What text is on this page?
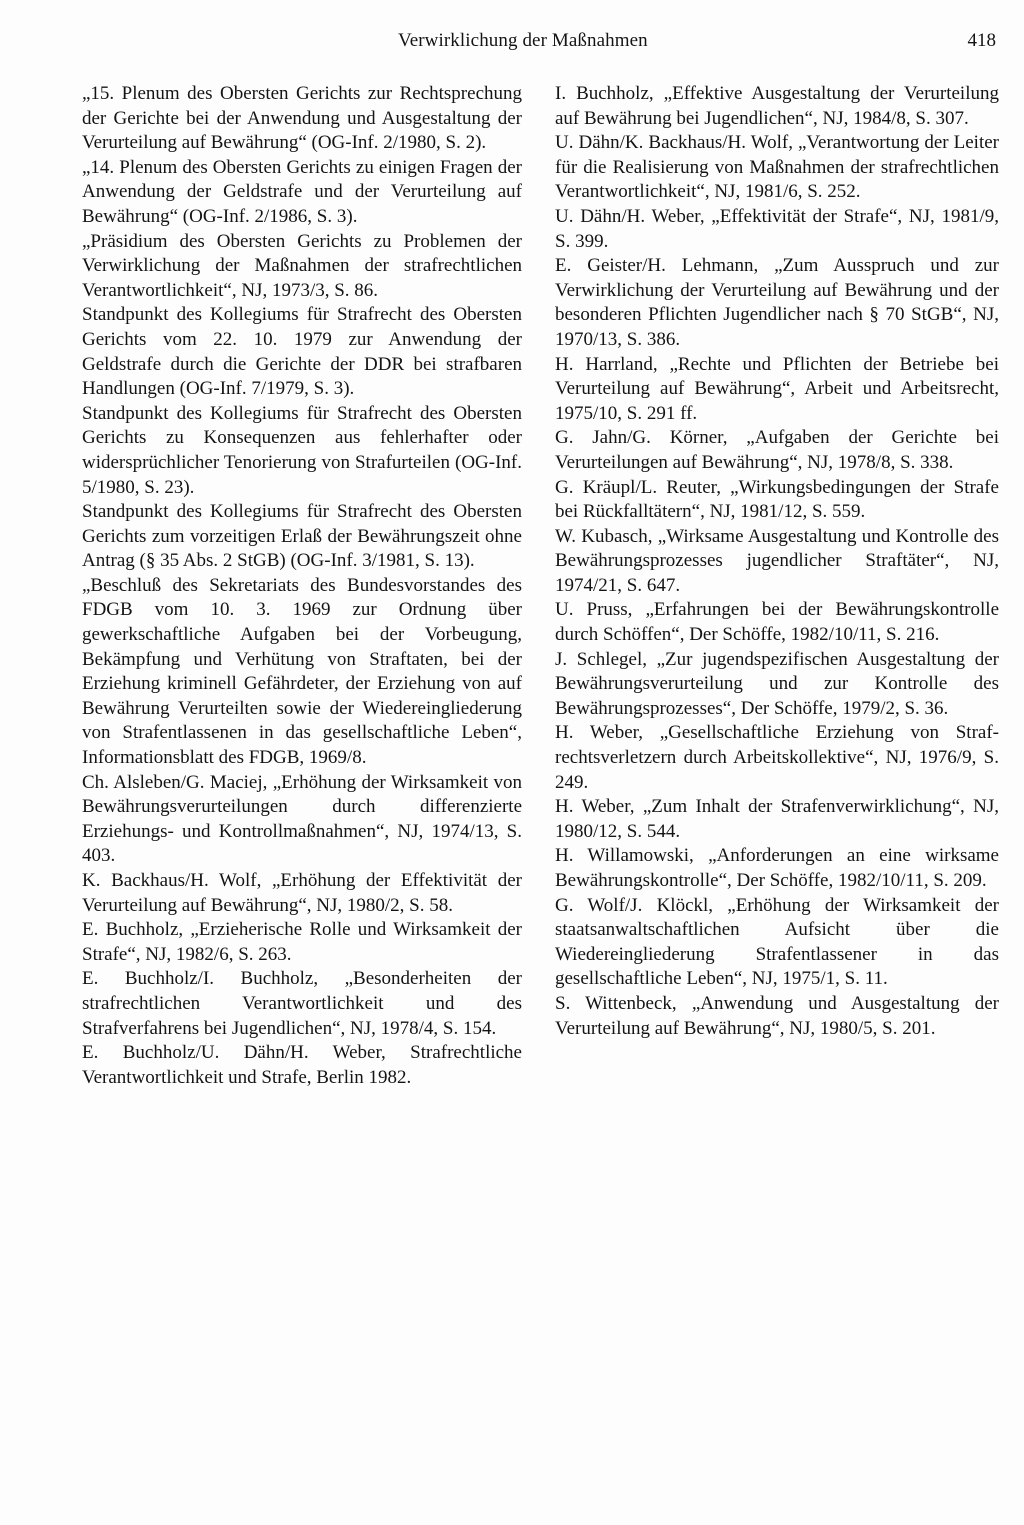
Verwirklichung der Maßnahmen	418

„15. Plenum des Obersten Gerichts zur Rechtsprechung der Gerichte bei der Anwendung und Ausgestaltung der Verurteilung auf Bewährung“ (OG-Inf. 2/1980, S. 2).

„14. Plenum des Obersten Gerichts zu einigen Fragen der Anwendung der Geldstrafe und der Verurteilung auf Bewährung“ (OG-Inf. 2/1986, S. 3).

„Präsidium des Obersten Gerichts zu Problemen der Verwirklichung der Maßnahmen der strafrechtlichen Verantwortlichkeit“, NJ, 1973/3, S. 86.

Standpunkt des Kollegiums für Strafrecht des Obersten Gerichts vom 22. 10. 1979 zur Anwendung der Geldstrafe durch die Gerichte der DDR bei strafbaren Handlungen (OG-Inf. 7/1979, S. 3).

Standpunkt des Kollegiums für Strafrecht des Obersten Gerichts zu Konsequenzen aus fehlerhafter oder widersprüchlicher Tenorierung von Strafurteilen (OG-Inf. 5/1980, S. 23).

Standpunkt des Kollegiums für Strafrecht des Obersten Gerichts zum vorzeitigen Erlaß der Bewährungszeit ohne Antrag (§ 35 Abs. 2 StGB) (OG-Inf. 3/1981, S. 13).

„Beschluß des Sekretariats des Bundesvorstandes des FDGB vom 10. 3. 1969 zur Ordnung über gewerkschaftliche Aufgaben bei der Vorbeugung, Bekämpfung und Verhütung von Straftaten, bei der Erziehung kriminell Gefährdeter, der Erziehung von auf Bewährung Verurteilten sowie der Wiedereingliederung von Strafentlassenen in das gesellschaftliche Leben“, Informationsblatt des FDGB, 1969/8.

Ch. Alsleben/G. Maciej, „Erhöhung der Wirksamkeit von Bewährungsverurteilungen durch differenzierte Erziehungs- und Kontrollmaßnahmen“, NJ, 1974/13, S. 403.

K. Backhaus/H. Wolf, „Erhöhung der Effektivität der Verurteilung auf Bewährung“, NJ, 1980/2, S. 58.

E. Buchholz, „Erzieherische Rolle und Wirksamkeit der Strafe“, NJ, 1982/6, S. 263.

E. Buchholz/I. Buchholz, „Besonderheiten der strafrechtlichen Verantwortlichkeit und des Strafverfahrens bei Jugendlichen“, NJ, 1978/4, S. 154.

E. Buchholz/U. Dähn/H. Weber, Strafrechtliche Verantwortlichkeit und Strafe, Berlin 1982.

I. Buchholz, „Effektive Ausgestaltung der Verurteilung auf Bewährung bei Jugendlichen“, NJ, 1984/8, S. 307.

U. Dähn/K. Backhaus/H. Wolf, „Verantwortung der Leiter für die Realisierung von Maßnahmen der strafrechtlichen Verantwortlichkeit“, NJ, 1981/6, S. 252.

U. Dähn/H. Weber, „Effektivität der Strafe“, NJ, 1981/9, S. 399.

E. Geister/H. Lehmann, „Zum Ausspruch und zur Verwirklichung der Verurteilung auf Bewährung und der besonderen Pflichten Jugendlicher nach § 70 StGB“, NJ, 1970/13, S. 386.

H. Harrland, „Rechte und Pflichten der Betriebe bei Verurteilung auf Bewährung“, Arbeit und Arbeitsrecht, 1975/10, S. 291 ff.

G. Jahn/G. Körner, „Aufgaben der Gerichte bei Verurteilungen auf Bewährung“, NJ, 1978/8, S. 338.

G. Kräupl/L. Reuter, „Wirkungsbedingungen der Strafe bei Rückfalltätern“, NJ, 1981/12, S. 559.

W. Kubasch, „Wirksame Ausgestaltung und Kontrolle des Bewährungsprozesses jugendlicher Straftäter“, NJ, 1974/21, S. 647.

U. Pruss, „Erfahrungen bei der Bewährungskontrolle durch Schöffen“, Der Schöffe, 1982/10/11, S. 216.

J. Schlegel, „Zur jugendspezifischen Ausgestaltung der Bewährungsverurteilung und zur Kontrolle des Bewährungsprozesses“, Der Schöffe, 1979/2, S. 36.

H. Weber, „Gesellschaftliche Erziehung von Straf-rechtsverletzern durch Arbeitskollektive“, NJ, 1976/9, S. 249.

H. Weber, „Zum Inhalt der Strafenverwirklichung“, NJ, 1980/12, S. 544.

H. Willamowski, „Anforderungen an eine wirksame Bewährungskontrolle“, Der Schöffe, 1982/10/11, S. 209.

G. Wolf/J. Klöckl, „Erhöhung der Wirksamkeit der staatsanwaltschaftlichen Aufsicht über die Wiedereingliederung Strafentlassener in das gesellschaftliche Leben“, NJ, 1975/1, S. 11.

S. Wittenbeck, „Anwendung und Ausgestaltung der Verurteilung auf Bewährung“, NJ, 1980/5, S. 201.
